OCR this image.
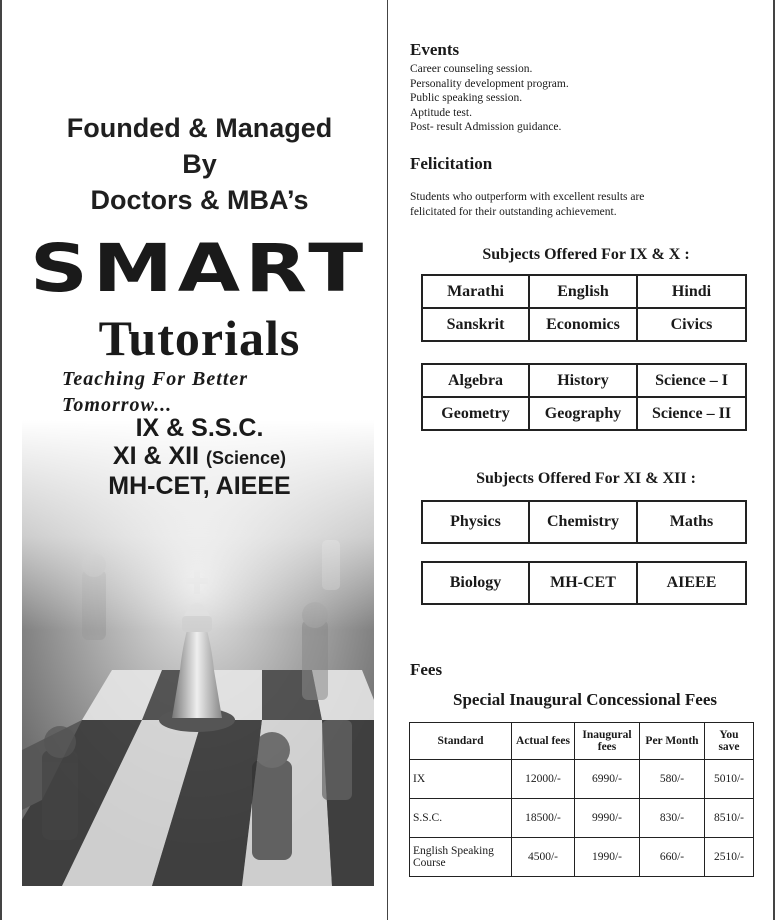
Founded & Managed
By
Doctors & MBA’s
SMART
Tutorials
Teaching For Better Tomorrow...
IX & S.S.C.
XI & XII (Science)
MH-CET, AIEEE
Events
Career counseling session.
Personality development program.
Public speaking session.
Aptitude test.
Post- result Admission guidance.
Felicitation
Students who outperform with excellent results are
felicitated for their outstanding achievement.
Subjects Offered For IX & X :
Marathi	English	Hindi
Sanskrit	Economics	Civics
Algebra	History	Science – I
Geometry	Geography	Science – II
Subjects Offered For XI & XII :
Physics	Chemistry	Maths
Biology	MH-CET	AIEEE
Fees
Special Inaugural Concessional Fees
Standard	Actual fees	Inaugural fees	Per Month	You save
IX	12000/-	6990/-	580/-	5010/-
S.S.C.	18500/-	9990/-	830/-	8510/-
English Speaking Course	4500/-	1990/-	660/-	2510/-
